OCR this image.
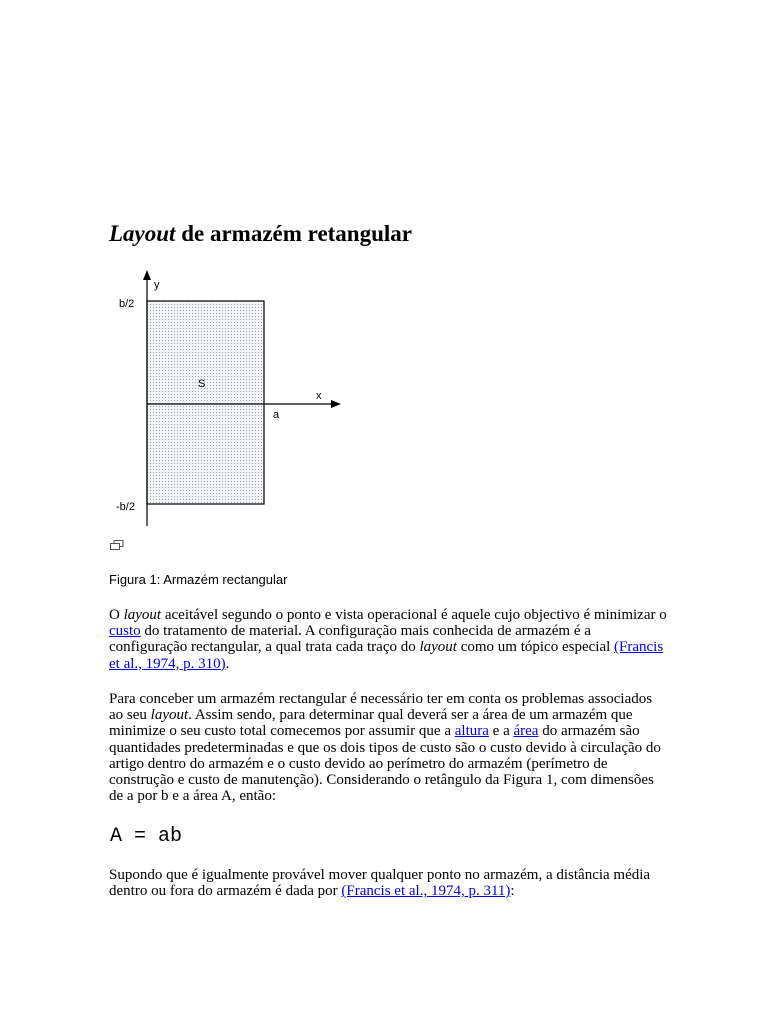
Layout de armazém retangular
y
x
b/2
-b/2
a
S

Figura 1: Armazém rectangular

O layout aceitável segundo o ponto e vista operacional é aquele cujo objectivo é minimizar o custo do tratamento de material. A configuração mais conhecida de armazém é a configuração rectangular, a qual trata cada traço do layout como um tópico especial (Francis et al., 1974, p. 310).

Para conceber um armazém rectangular é necessário ter em conta os problemas associados ao seu layout. Assim sendo, para determinar qual deverá ser a área de um armazém que minimize o seu custo total comecemos por assumir que a altura e a área do armazém são quantidades predeterminadas e que os dois tipos de custo são o custo devido à circulação do artigo dentro do armazém e o custo devido ao perímetro do armazém (perímetro de construção e custo de manutenção). Considerando o retângulo da Figura 1, com dimensões de a por b e a área A, então:

A = ab

Supondo que é igualmente provável mover qualquer ponto no armazém, a distância média dentro ou fora do armazém é dada por (Francis et al., 1974, p. 311):
